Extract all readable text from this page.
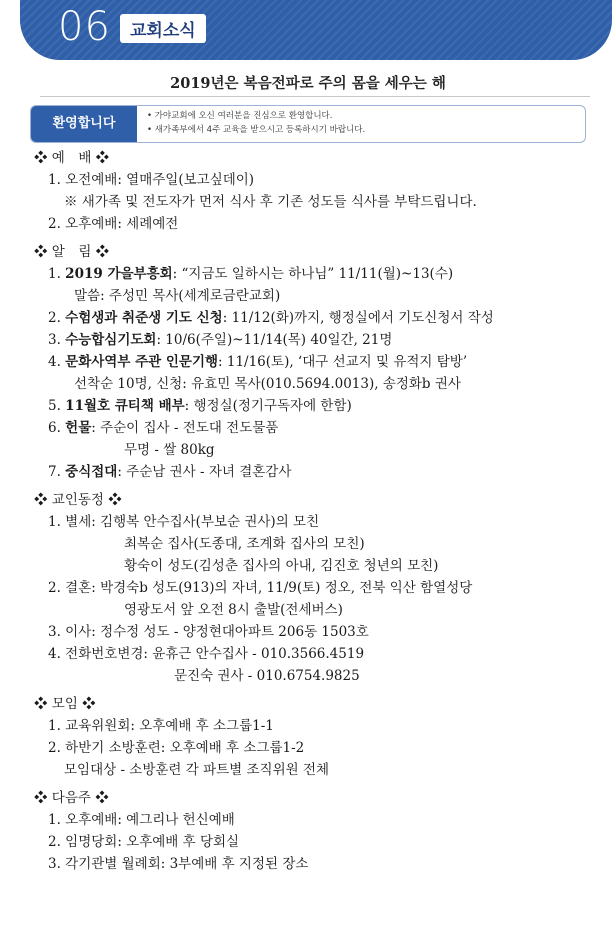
06	교회소식
2019년은 복음전파로 주의 몸을 세우는 해
환영합니다
•	가야교회에 오신 여러분을 진심으로 환영합니다.
• 새가족부에서 4주 교육을 받으시고 등록하시기 바랍니다.
❖ 예　배 ❖
1. 오전예배: 열매주일(보고싶데이)
※ 새가족 및 전도자가 먼저 식사 후 기존 성도들 식사를 부탁드립니다.
2. 오후예배: 세례예전
❖ 알　림 ❖
1. 2019 가을부흥회: “지금도 일하시는 하나님” 11/11(월)~13(수)
말씀: 주성민 목사(세계로금란교회)
2. 수험생과 취준생 기도 신청: 11/12(화)까지, 행정실에서 기도신청서 작성
3. 수능합심기도회: 10/6(주일)~11/14(목) 40일간, 21명
4. 문화사역부 주관 인문기행: 11/16(토), ‘대구 선교지 및 유적지 탐방’
선착순 10명, 신청: 유효민 목사(010.5694.0013), 송정화b 권사
5. 11월호 큐티책 배부: 행정실(정기구독자에 한함)
6. 헌물: 주순이 집사 - 전도대 전도물품
무명 - 쌀 80kg
7. 중식접대: 주순남 권사 - 자녀 결혼감사
❖ 교인동정 ❖
1. 별세: 김행복 안수집사(부보순 권사)의 모친
최복순 집사(도종대, 조계화 집사의 모친)
황숙이 성도(김성춘 집사의 아내, 김진호 청년의 모친)
2. 결혼: 박경숙b 성도(913)의 자녀, 11/9(토) 정오, 전북 익산 함열성당
영광도서 앞 오전 8시 출발(전세버스)
3. 이사: 정수정 성도 - 양정현대아파트 206동 1503호
4. 전화번호변경: 윤휴근 안수집사 - 010.3566.4519
문진숙 권사 - 010.6754.9825
❖ 모임 ❖
1. 교육위원회: 오후예배 후 소그룹1-1
2. 하반기 소방훈련: 오후예배 후 소그룹1-2
모임대상 - 소방훈련 각 파트별 조직위원 전체
❖ 다음주 ❖
1. 오후예배: 예그리나 헌신예배
2. 임명당회: 오후예배 후 당회실
3. 각기관별 월례회: 3부예배 후 지정된 장소
